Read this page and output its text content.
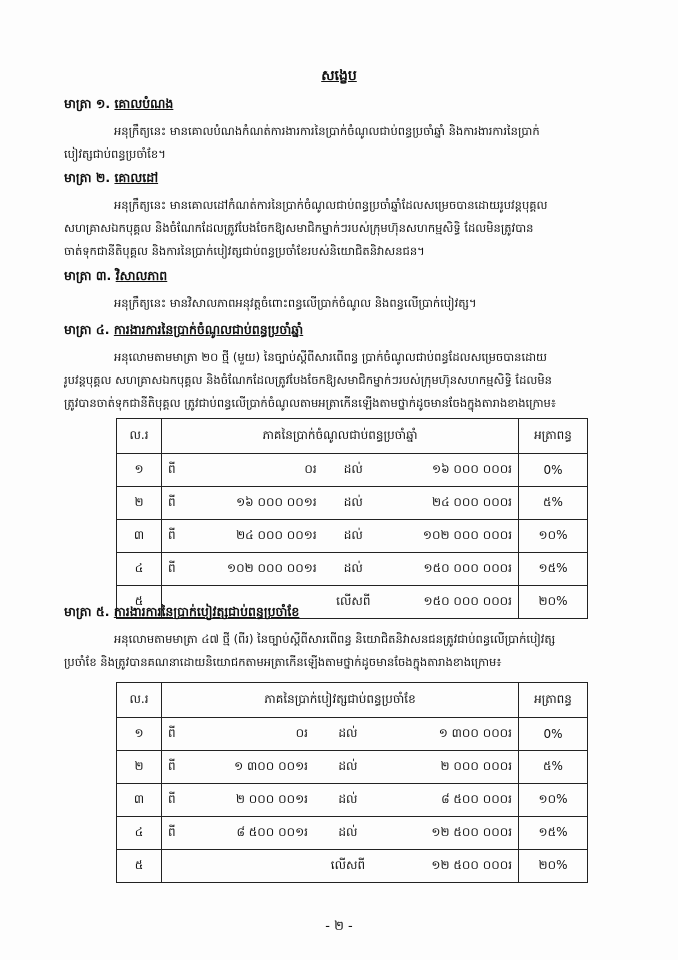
សង្ខេប
មាត្រា ១. គោលបំណង
អនុក្រឹត្យនេះ មានគោលបំណងកំណត់ការងារការនៃប្រាក់ចំណូលជាប់ពន្ធប្រចាំឆ្នាំ និងការងារការនៃប្រាក់
បៀវត្សជាប់ពន្ធប្រចាំខែ។
មាត្រា ២. គោលដៅ
អនុក្រឹត្យនេះ មានគោលដៅកំណត់ការនៃប្រាក់ចំណូលជាប់ពន្ធប្រចាំឆ្នាំដែលសម្រេចបានដោយរូបវន្តបុគ្គល
សហគ្រាសឯកបុគ្គល និងចំណែកដែលត្រូវបែងចែកឱ្យសមាជិកម្នាក់ៗរបស់ក្រុមហ៊ុនសហកម្មសិទ្ធិ ដែលមិនត្រូវបាន
ចាត់ទុកជានីតិបុគ្គល និងការនៃប្រាក់បៀវត្សជាប់ពន្ធប្រចាំខែរបស់និយោជិតនិវាសនជន។
មាត្រា ៣. វិសាលភាព
អនុក្រឹត្យនេះ មានវិសាលភាពអនុវត្តចំពោះពន្ធលើប្រាក់ចំណូល និងពន្ធលើប្រាក់បៀវត្ស។
មាត្រា ៤. ការងារការនៃប្រាក់ចំណូលជាប់ពន្ធប្រចាំឆ្នាំ
អនុលោមតាមមាត្រា ២០ ថ្មី (មួយ) នៃច្បាប់ស្តីពីសារពើពន្ធ ប្រាក់ចំណូលជាប់ពន្ធដែលសម្រេចបានដោយ
រូបវន្តបុគ្គល សហគ្រាសឯកបុគ្គល និងចំណែកដែលត្រូវបែងចែកឱ្យសមាជិកម្នាក់ៗរបស់ក្រុមហ៊ុនសហកម្មសិទ្ធិ ដែលមិន
ត្រូវបានចាត់ទុកជានីតិបុគ្គល ត្រូវជាប់ពន្ធលើប្រាក់ចំណូលតាមអត្រាកើនឡើងតាមថ្នាក់ដូចមានចែងក្នុងតារាងខាងក្រោម៖
ល.រ	ភាគនៃប្រាក់ចំណូលជាប់ពន្ធប្រចាំឆ្នាំ				អត្រាពន្ធ
១	ពី	០រ	ដល់	១៦ ០០០ ០០០រ	0%
២	ពី	១៦ ០០០ ០០១រ	ដល់	២៤ ០០០ ០០០រ	៥%
៣	ពី	២៤ ០០០ ០០១រ	ដល់	១០២ ០០០ ០០០រ	១០%
៤	ពី	១០២ ០០០ ០០១រ	ដល់	១៥០ ០០០ ០០០រ	១៥%
៥			លើសពី	១៥០ ០០០ ០០០រ	២០%
មាត្រា ៥. ការងារការនៃប្រាក់បៀវត្សជាប់ពន្ធប្រចាំខែ
អនុលោមតាមមាត្រា ៤៧ ថ្មី (ពីរ) នៃច្បាប់ស្តីពីសារពើពន្ធ និយោជិតនិវាសនជនត្រូវជាប់ពន្ធលើប្រាក់បៀវត្ស
ប្រចាំខែ និងត្រូវបានគណនាដោយនិយោជកតាមអត្រាកើនឡើងតាមថ្នាក់ដូចមានចែងក្នុងតារាងខាងក្រោម៖
ល.រ	ភាគនៃប្រាក់បៀវត្សជាប់ពន្ធប្រចាំខែ				អត្រាពន្ធ
១	ពី	០រ	ដល់	១ ៣០០ ០០០រ	0%
២	ពី	១ ៣០០ ០០១រ	ដល់	២ ០០០ ០០០រ	៥%
៣	ពី	២ ០០០ ០០១រ	ដល់	៨ ៥០០ ០០០រ	១០%
៤	ពី	៨ ៥០០ ០០១រ	ដល់	១២ ៥០០ ០០០រ	១៥%
៥			លើសពី	១២ ៥០០ ០០០រ	២០%
- ២ -
